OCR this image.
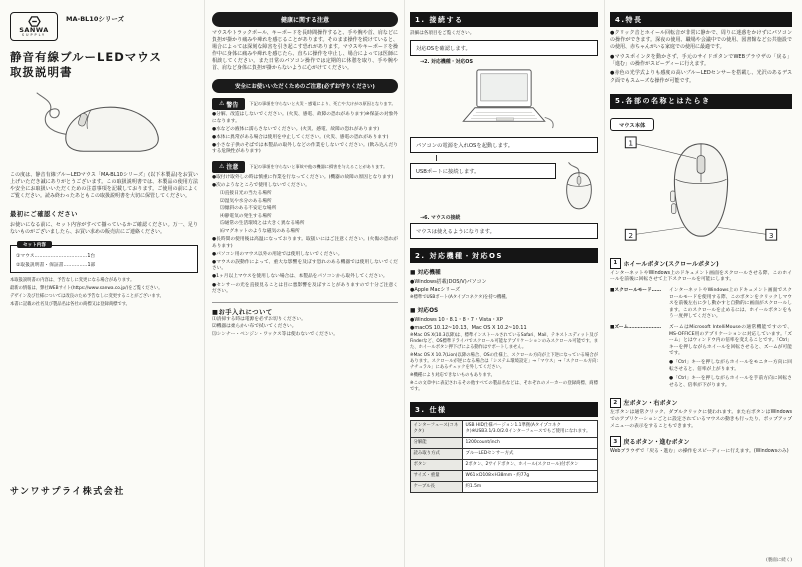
SANWA
SUPPLY
MA-BL10シリーズ
静音有線ブルーLEDマウス
取扱説明書

この度は、静音有線ブルーLEDマウス「MA-BL10シリーズ」(以下本製品)をお買い上げいただき誠にありがとうございます。この取扱説明書では、本製品の使用方法や安全にお取扱いいただくための注意事項を記載しております。ご使用の前によくご覧ください。読み終わったあともこの取扱説明書を大切に保管してください。

最初にご確認ください

お使いになる前に、セット内容がすべて揃っているかご確認ください。万一、足りないものがございましたら、お買い求めの販売店にご連絡ください。

セット内容
①マウス……………………………1台
②取扱説明書・保証書……………1部

本取扱説明書の内容は、予告なしに変更になる場合があります。

最新の情報は、弊社WEBサイト(https://www.sanwa.co.jp/)をご覧ください。

デザイン及び仕様については改良のため予告なしに変更することがございます。

本書に記載の社名及び製品名は各社の商標又は登録商標です。

サンワサプライ株式会社
健康に関する注意

マウスやトラックボール、キーボードを長時間操作すると、手や腕や首、肩などに負担が掛かり痛みや痺れを感じることがあります。そのまま操作を続けていると、場合によっては深刻な障害を引き起こす恐れがあります。マウスやキーボードを操作中に身体に痛みや痺れを感じたら、直ちに操作を中止し、場合によっては医師に相談してください。また日常のパソコン操作では定期的に休憩を取り、手や腕や首、肩など身体に負担が掛からないように心がけてください。

安全にお使いいただくためのご注意(必ずお守りください)
⚠ 警告	下記の事項を守らないと火災・感電により、死亡や大けがの原因となります。

●分解、改造はしないでください。(火災、感電、故障の恐れがあります)※保証の対象外になります。

●水などの液体に濡らさないでください。(火災、感電、故障の恐れがあります)

●本体に異常がある場合は使用を中止してください。(火災、感電の恐れがあります)

●小さな子供のそばでは本製品の取外しなどの作業をしないでください。(飲み込んだりする危険性があります)

⚠ 注意	下記の事項を守らないと事故や他の機器に損害を与えることがあります。

●取付け取外しの時は慎重に作業を行なってください。(機器の故障の原因となります)

●次のようなところで使用しないでください。

⑴直接日光の当たる場所

⑵湿気や水分のある場所

⑶傾斜のある不安定な場所

⑷静電気の発生する場所

⑸通常の生活環境とは大きく異なる場所

⑹マグネットのような磁気のある場所

●長時間の使用後は高温になっております。取扱いにはご注意ください。(火傷の恐れがあります)

●パソコン用のマウス以外の用途では使用しないでください。

●マウスの誤動作によって、重大な影響を及ぼす恐れのある機器では使用しないでください。

●1ヶ月以上マウスを使用しない場合は、本製品をパソコンから取外してください。

●センサーの光を直接見ることは目に悪影響を及ぼすことがありますので十分ご注意ください。

■お手入れについて

⑴清掃する時は電源を必ずお切りください。

⑵機器は柔らかい布で拭いてください。

⑶シンナー・ベンジン・ワックス等は使わないでください。

1. 接続する

詳細は各項目をご覧ください。

対応OSを確認します。
→2. 対応機種・対応OS
パソコンの電源を入れOSを起動します。
USBポートに接続します。
→6. マウスの接続
マウスは使えるようになります。
2. 対応機種・対応OS
■ 対応機種

●Windows搭載(DOS/V)パソコン

●Apple Macシリーズ

※標準でUSBポート(Aタイプコネクタ)を持つ機種。

■ 対応OS

●Windows 10・8.1・8・7・Vista・XP

●macOS 10.12~10.13、Mac OS X 10.2~10.11

※Mac OS X(10.3以降)は、標準インストールされているSafari、Mail、テキストエディット及びFinderなど、OS標準ドライバでスクロール可能なアプリケーションのみスクロール可能です。また、ホイールボタン押下げによる動作はサポートしません。

※Mac OS X 10.7(Lion)以降の場合、OSの仕様上、スクロール方向が上下逆になっている場合があります。スクロールが逆になる場合は「システム環境設定」→「マウス」→「スクロール方向:ナチュラル」にあるチェックを外してください。

※機種により対応できないものもあります。

※この文章中に表記されるその他すべての製品名などは、それぞれのメーカーの登録商標、商標です。

3. 仕様
インターフェース(コネクタ)	USB HID仕様バージョン1.1準拠(Aタイプコネクタ)※USB3.1/3.0/2.0インターフェースでもご使用になれます。
分解能	1200count/inch
読み取り方式	ブルーLEDセンサー方式
ボタン	2ボタン、2サイドボタン、ホイール(スクロール)付ボタン
サイズ・重量	W61×D108×H38mm・約77g
ケーブル長	約1.5m
4.特長

●クリック音とホイール回転音が非常に静かで、周りに迷惑をかけずにパソコンの操作ができます。深夜の使用、職場や会議中での使用、図書館など公共施設での使用、赤ちゃんがいる家庭での使用に最適です。

●マウスポインタを動かさず、手元のサイドボタンでWEBブラウザの「戻る」「進む」の操作がスピーディーに行えます。

●赤色の光学式よりも感度の高いブルーLEDセンサーを搭載し、光沢のあるデスク面でもスムーズな操作が可能です。

5.各部の名称とはたらき
マウス本体
1
2	3
1	ホイールボタン(スクロールボタン)

インターネットやWindows上のドキュメント画面をスクロールさせる際、このホイールを前後に回転させて上下スクロールを可能にします。

■スクロールモード……	インターネットやWindows上のドキュメント画面でスクロールモードを使用する際、このボタンをクリックしマウスを前後左右に少し動かすと自動的に画面がスクロールします。このスクロールを止めるには、ホイールボタンをもう一度押してください。
■ズーム…………………	ズームはMicrosoft IntelliMouseの通常機能ですので、MS-OFFICE用のアプリケーションに対応しています。「ズーム」とはウィンドウ内の倍率を変えることです。「Ctrl」キーを押しながらホイールを回転させると、ズームが可能です。

●「Ctrl」キーを押しながらホイールをモニター方向に回転させると、倍率が上がります。

●「Ctrl」キーを押しながらホイールを手前方向に回転させると、倍率が下がります。

2	左ボタン・右ボタン

左ボタンは通常クリック、ダブルクリックに使われます。また右ボタンはWindowsでのアプリケーションごとに設定されているマウスの動きも行ったり、ポップアップメニューの表示をすることもできます。

3	戻るボタン・進むボタン

Webブラウザで「戻る・進む」の操作をスピーディーに行えます。(Windowsのみ)

(裏面に続く)
